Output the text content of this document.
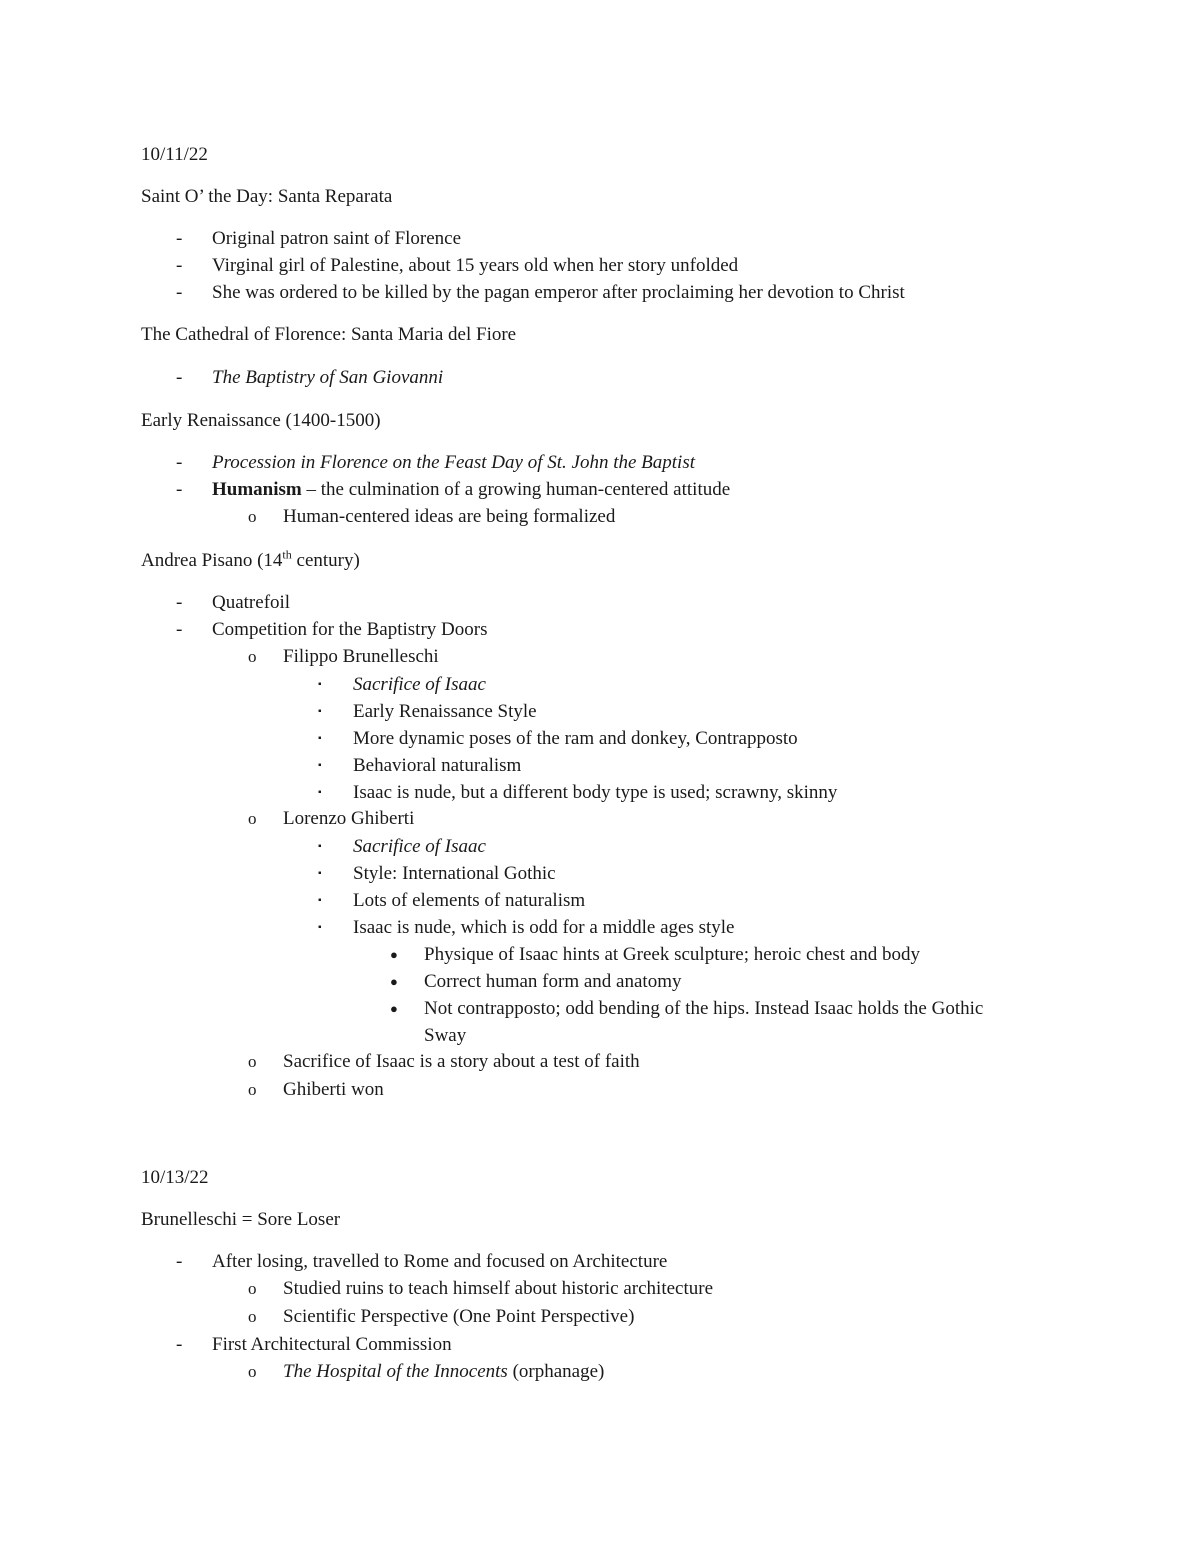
10/11/22
Saint O’ the Day: Santa Reparata
- Original patron saint of Florence
- Virginal girl of Palestine, about 15 years old when her story unfolded
- She was ordered to be killed by the pagan emperor after proclaiming her devotion to Christ
The Cathedral of Florence: Santa Maria del Fiore
- The Baptistry of San Giovanni
Early Renaissance (1400-1500)
- Procession in Florence on the Feast Day of St. John the Baptist
- Humanism – the culmination of a growing human-centered attitude
o Human-centered ideas are being formalized
Andrea Pisano (14th century)
- Quatrefoil
- Competition for the Baptistry Doors
o Filippo Brunelleschi
▪ Sacrifice of Isaac
▪ Early Renaissance Style
▪ More dynamic poses of the ram and donkey, Contrapposto
▪ Behavioral naturalism
▪ Isaac is nude, but a different body type is used; scrawny, skinny
o Lorenzo Ghiberti
▪ Sacrifice of Isaac
▪ Style: International Gothic
▪ Lots of elements of naturalism
▪ Isaac is nude, which is odd for a middle ages style
● Physique of Isaac hints at Greek sculpture; heroic chest and body
● Correct human form and anatomy
● Not contrapposto; odd bending of the hips. Instead Isaac holds the Gothic
Sway
o Sacrifice of Isaac is a story about a test of faith
o Ghiberti won
10/13/22
Brunelleschi = Sore Loser
- After losing, travelled to Rome and focused on Architecture
o Studied ruins to teach himself about historic architecture
o Scientific Perspective (One Point Perspective)
- First Architectural Commission
o The Hospital of the Innocents (orphanage)
